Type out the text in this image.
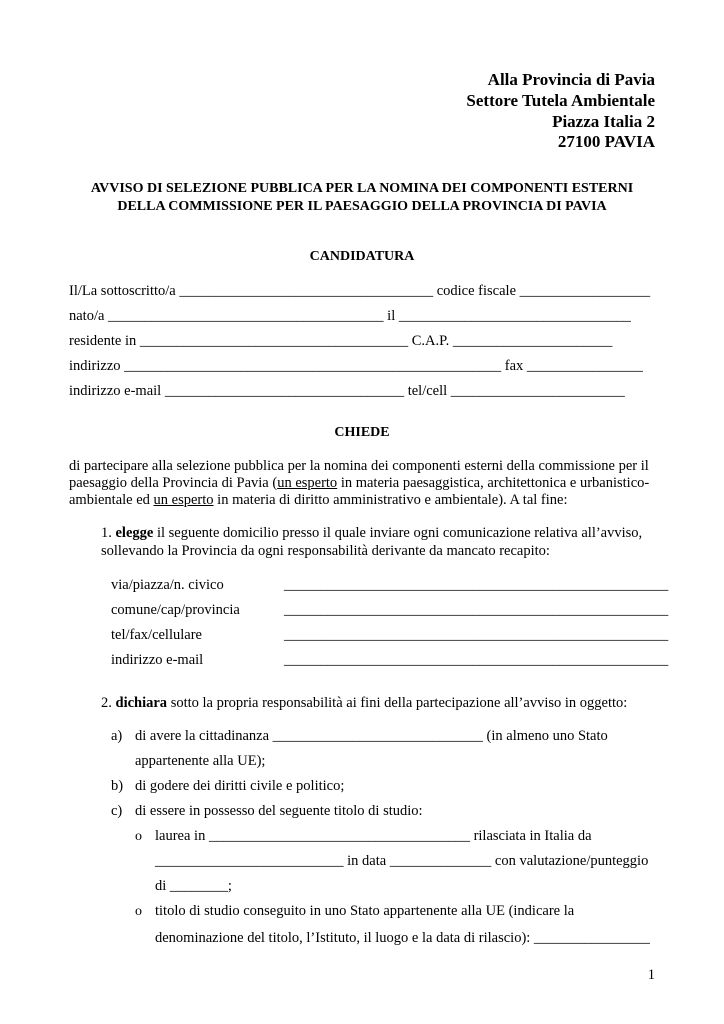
Alla Provincia di Pavia
Settore Tutela Ambientale
Piazza Italia 2
27100 PAVIA
AVVISO DI SELEZIONE PUBBLICA PER LA NOMINA DEI COMPONENTI ESTERNI
DELLA COMMISSIONE PER IL PAESAGGIO DELLA PROVINCIA DI PAVIA
CANDIDATURA
Il/La sottoscritto/a ___________________________________ codice fiscale __________________
nato/a ______________________________________ il ________________________________
residente in _____________________________________ C.A.P. ______________________
indirizzo ____________________________________________________ fax ________________
indirizzo e-mail _________________________________ tel/cell ________________________
CHIEDE
di partecipare alla selezione pubblica per la nomina dei componenti esterni della commissione per il
paesaggio della Provincia di Pavia (un esperto in materia paesaggistica, architettonica e urbanistico-
ambientale ed un esperto in materia di diritto amministrativo e ambientale). A tal fine:
1. elegge il seguente domicilio presso il quale inviare ogni comunicazione relativa all’avviso,
sollevando la Provincia da ogni responsabilità derivante da mancato recapito:
via/piazza/n. civico	_____________________________________________________
comune/cap/provincia	_____________________________________________________
tel/fax/cellulare	_____________________________________________________
indirizzo e-mail	_____________________________________________________
2. dichiara sotto la propria responsabilità ai fini della partecipazione all’avviso in oggetto:
a) di avere la cittadinanza _____________________________ (in almeno uno Stato
appartenente alla UE);
b) di godere dei diritti civile e politico;
c) di essere in possesso del seguente titolo di studio:
o laurea in ____________________________________ rilasciata in Italia da
__________________________ in data ______________ con valutazione/punteggio
di ________;
o titolo di studio conseguito in uno Stato appartenente alla UE (indicare la
denominazione del titolo, l’Istituto, il luogo e la data di rilascio): ________________
1
